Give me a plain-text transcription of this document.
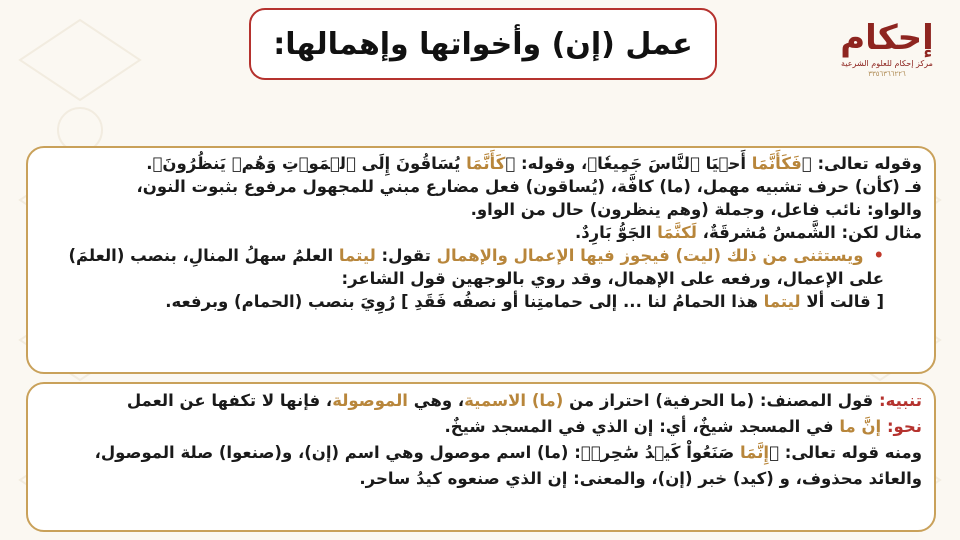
عمل (إن) وأخواتها وإهمالها:	إحكام
مركز إحكام للعلوم الشرعية
٣٣٥٦٣٦٦٢٢٦
وقوله تعالى: ﴿فَكَأَنَّمَا أَحۡيَا ٱلنَّاسَ جَمِيعٗا﴾، وقوله: ﴿كَأَنَّمَا يُسَاقُونَ إِلَى ٱلۡمَوۡتِ وَهُمۡ يَنظُرُونَ﴾.
فـ (كأن) حرف تشبيه مهمل، (ما) كافَّة، (يُساقون) فعل مضارع مبني للمجهول مرفوع بثبوت النون،
والواو: نائب فاعل، وجملة (وهم ينظرون) حال من الواو.
مثال لكن: الشَّمسُ مُشرقَةٌ، لَكنَّمَا الجَوُّ بَارِدٌ.
•ويستثنى من ذلك (ليت) فيجوز فيها الإعمال والإهمال تقول: ليتما العلمُ سهلُ المنالِ، بنصب (العلمَ)
على الإعمال، ورفعه على الإهمال، وقد روي بالوجهين قول الشاعر:
[ قالت ألا ليتما هذا الحمامُ لنا ... إلى حمامتِنا أو نصفُه فَقَدِ ] رُوِيَ بنصب (الحمام) وبرفعه.
تنبيه: قول المصنف: (ما الحرفية) احتراز من (ما) الاسمية، وهي الموصولة، فإنها لا تكفها عن العمل
نحو: إنَّ ما في المسجد شيخٌ، أي: إن الذي في المسجد شيخٌ.
ومنه قوله تعالى: ﴿إِنَّمَا صَنَعُواْ كَيۡدُ سَٰحِرٖ﴾: (ما) اسم موصول وهي اسم (إن)، و(صنعوا) صلة الموصول،
والعائد محذوف، و (كيد) خبر (إن)، والمعنى: إن الذي صنعوه كيدُ ساحر.
